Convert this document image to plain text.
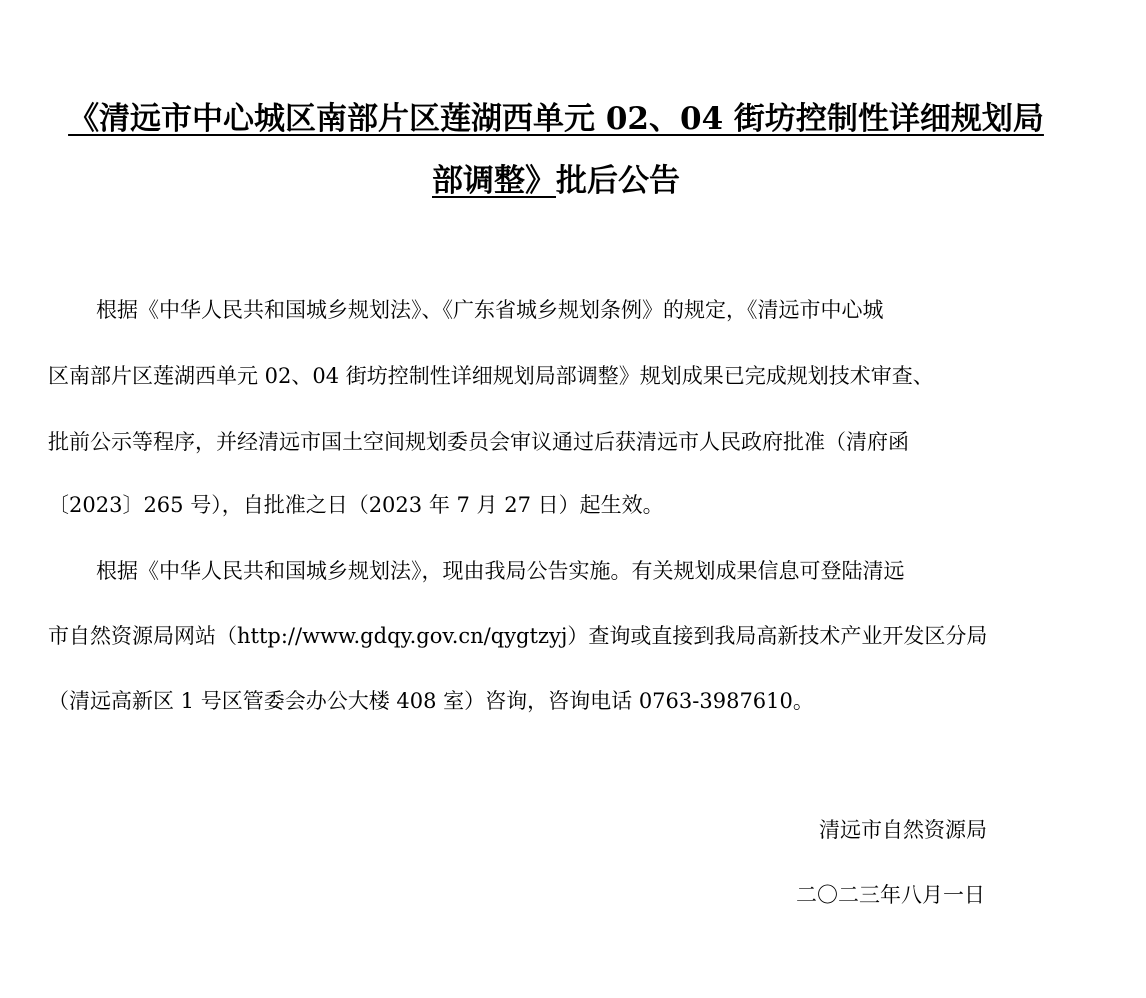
《清远市中心城区南部片区莲湖西单元 02、04 街坊控制性详细规划局
部调整》批后公告
根据《中华人民共和国城乡规划法》、《广东省城乡规划条例》的规定，《清远市中心城
区南部片区莲湖西单元 02、04 街坊控制性详细规划局部调整》规划成果已完成规划技术审查、
批前公示等程序，并经清远市国土空间规划委员会审议通过后获清远市人民政府批准（清府函
〔2023〕265 号），自批准之日（2023 年 7 月 27 日）起生效。
根据《中华人民共和国城乡规划法》，现由我局公告实施。有关规划成果信息可登陆清远
市自然资源局网站（http://www.gdqy.gov.cn/qygtzyj）查询或直接到我局高新技术产业开发区分局
（清远高新区 1 号区管委会办公大楼 408 室）咨询，咨询电话 0763-3987610。
清远市自然资源局
二〇二三年八月一日
